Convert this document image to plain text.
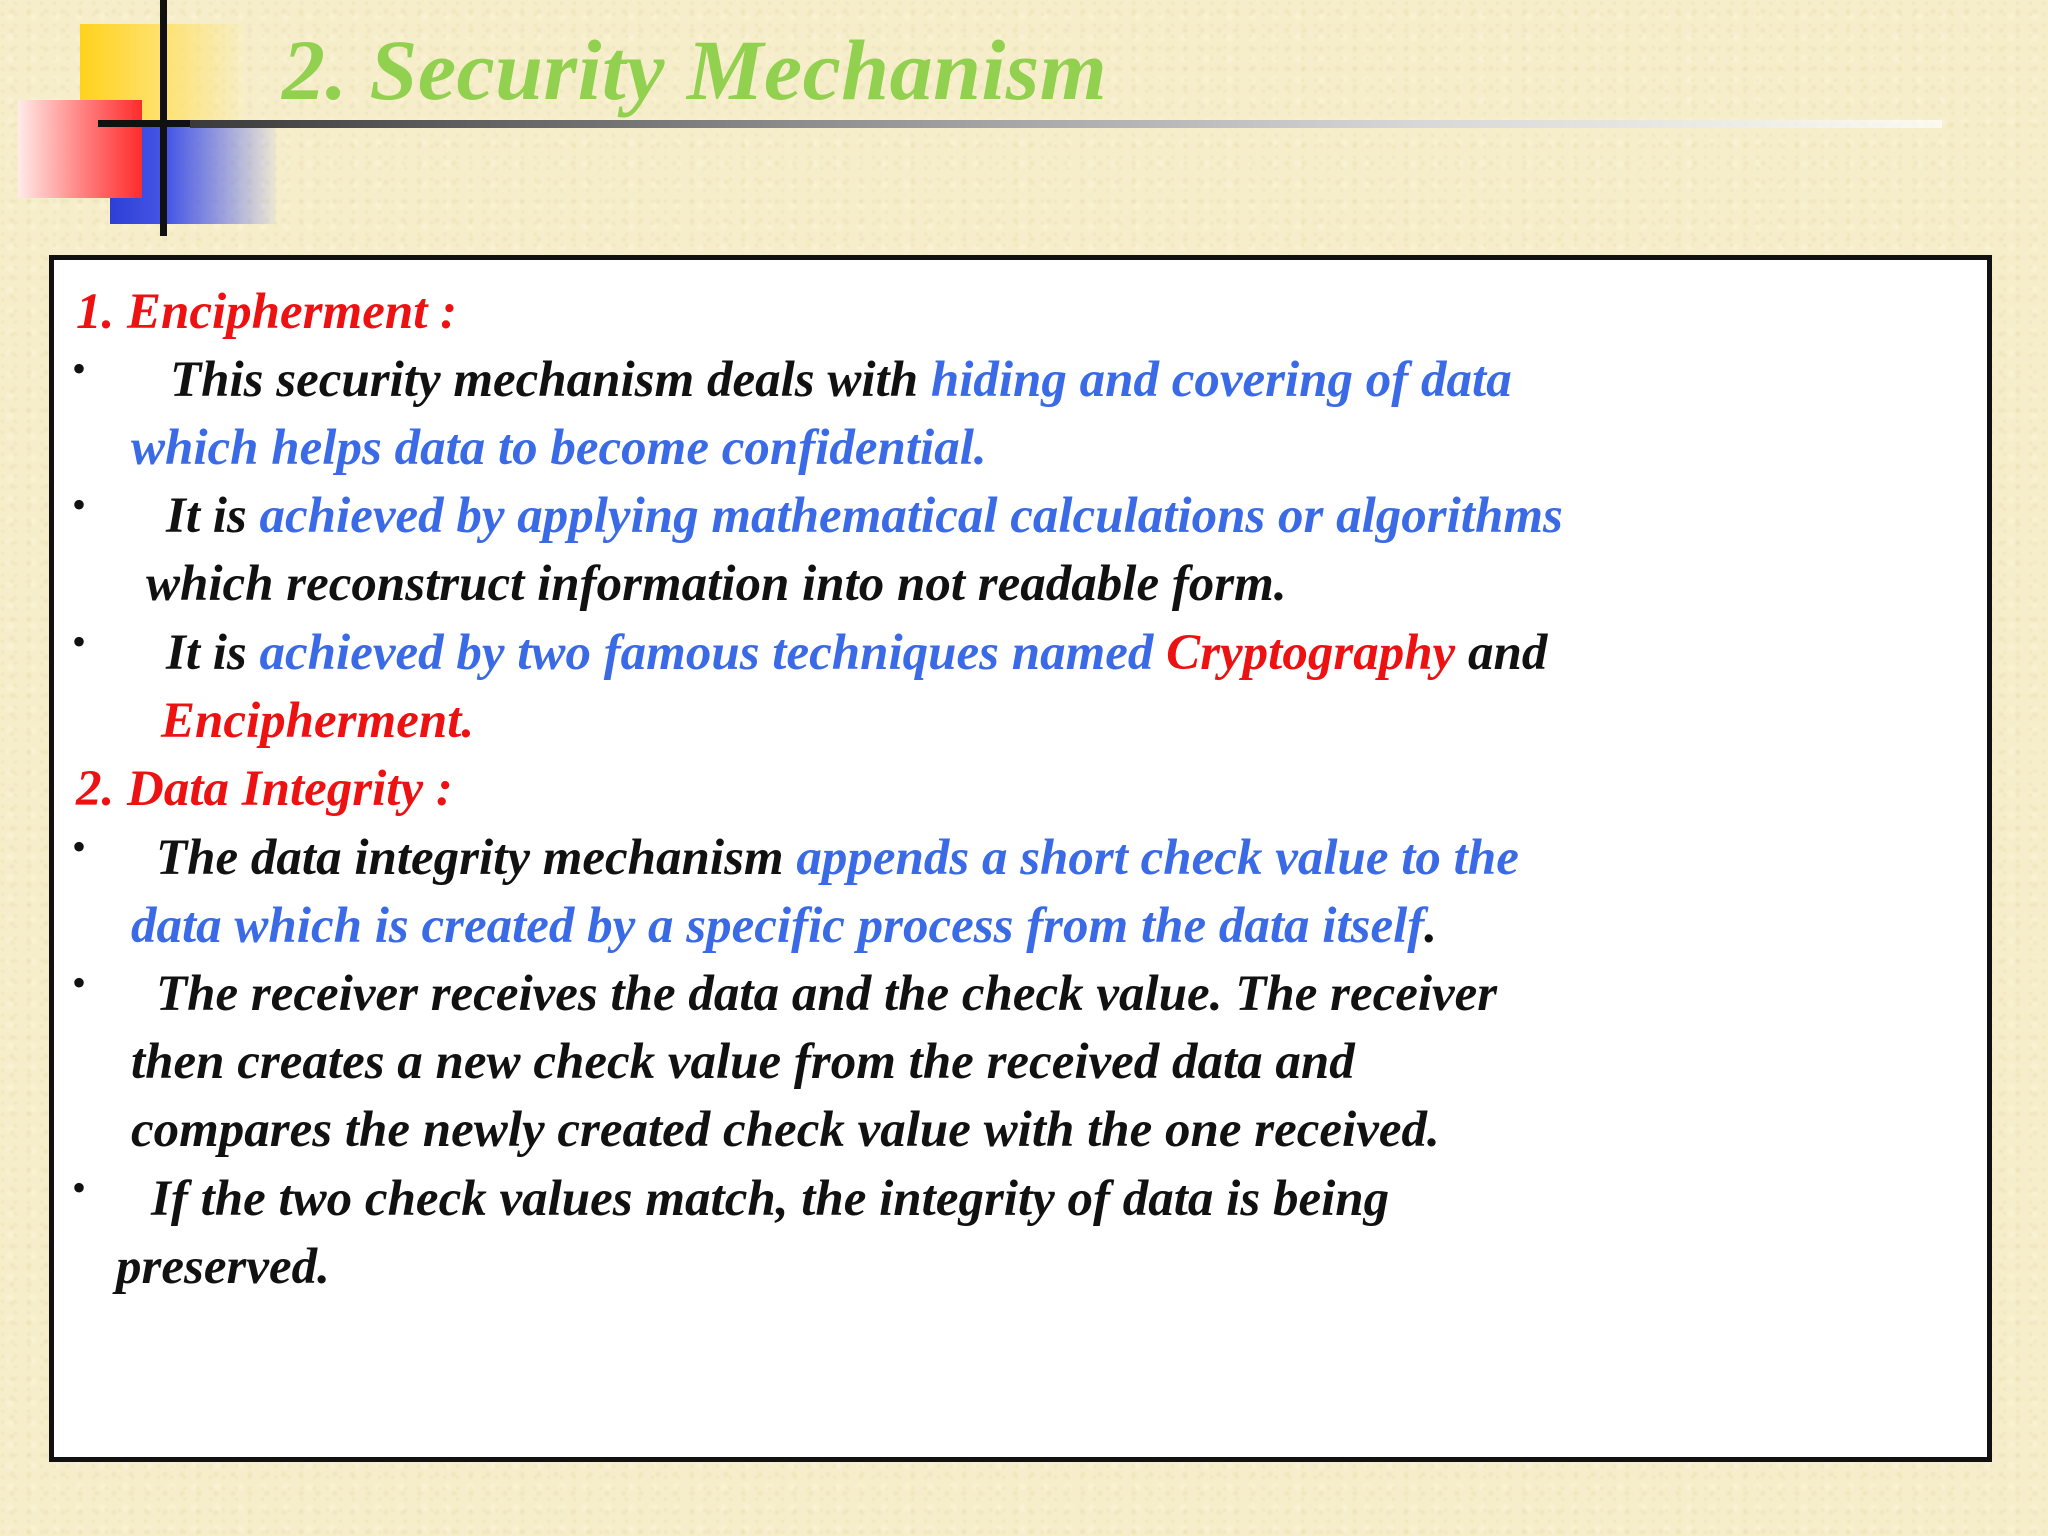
2. Security Mechanism

1. Encipherment :

• This security mechanism deals with hiding and covering of data

which helps data to become confidential.

• It is achieved by applying mathematical calculations or algorithms

which reconstruct information into not readable form.

• It is achieved by two famous techniques named Cryptography and

Encipherment.

2. Data Integrity :

• The data integrity mechanism appends a short check value to the

data which is created by a specific process from the data itself.

• The receiver receives the data and the check value. The receiver

then creates a new check value from the received data and

compares the newly created check value with the one received.

• If the two check values match, the integrity of data is being

preserved.
